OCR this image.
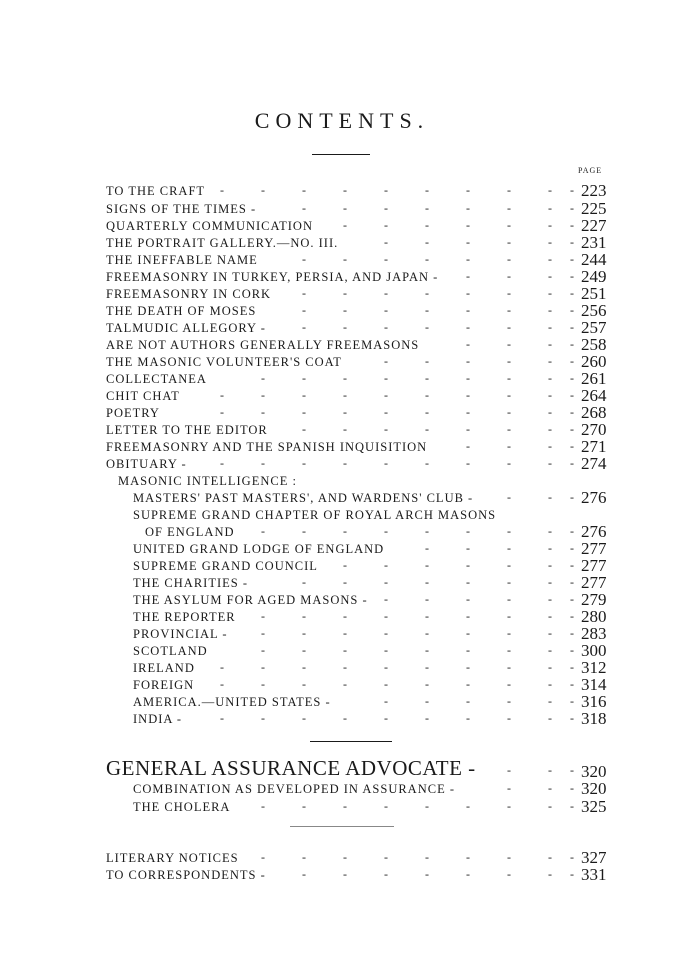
CONTENTS.
PAGE
TO THE CRAFT	223
-	-	-	-	-	-	-	-	- -
SIGNS OF THE TIMES -	225
-	-	-	-	-	-	- -
QUARTERLY COMMUNICATION	227
-	-	-	-	-	- -
THE PORTRAIT GALLERY.—NO. III.	231
-	-	-	-	- -
THE INEFFABLE NAME	244
-	-	-	-	-	-	- -
FREEMASONRY IN TURKEY, PERSIA, AND JAPAN -	249
-	-	- -
FREEMASONRY IN CORK	251
-	-	-	-	-	-	- -
THE DEATH OF MOSES	256
-	-	-	-	-	-	- -
TALMUDIC ALLEGORY -	257
-	-	-	-	-	-	- -
ARE NOT AUTHORS GENERALLY FREEMASONS	258
-	-	- -
THE MASONIC VOLUNTEER'S COAT	260
-	-	-	-	- -
COLLECTANEA	261
-	-	-	-	-	-	-	- -
CHIT CHAT	264
-	-	-	-	-	-	-	-	- -
POETRY	268
-	-	-	-	-	-	-	-	- -
LETTER TO THE EDITOR	270
-	-	-	-	-	-	- -
FREEMASONRY AND THE SPANISH INQUISITION	271
-	-	- -
OBITUARY -	274
-	-	-	-	-	-	-	-	- -
MASONIC INTELLIGENCE :
MASTERS' PAST MASTERS', AND WARDENS' CLUB -	276
-	- -
SUPREME GRAND CHAPTER OF ROYAL ARCH MASONS
OF ENGLAND	276
-	-	-	-	-	-	-	- -
UNITED GRAND LODGE OF ENGLAND	277
-	-	-	- -
SUPREME GRAND COUNCIL	277
-	-	-	-	-	- -
THE CHARITIES -	277
-	-	-	-	-	-	- -
THE ASYLUM FOR AGED MASONS -	279
-	-	-	-	- -
THE REPORTER	280
-	-	-	-	-	-	-	- -
PROVINCIAL -	283
-	-	-	-	-	-	-	- -
SCOTLAND	300
-	-	-	-	-	-	-	- -
IRELAND	312
-	-	-	-	-	-	-	-	- -
FOREIGN	314
-	-	-	-	-	-	-	-	- -
AMERICA.—UNITED STATES -	316
-	-	-	-	- -
INDIA -	318
-	-	-	-	-	-	-	-	- -
GENERAL ASSURANCE ADVOCATE -	320
-	- -
COMBINATION AS DEVELOPED IN ASSURANCE -	320
-	- -
THE CHOLERA	325
-	-	-	-	-	-	-	- -
LITERARY NOTICES	327
-	-	-	-	-	-	-	- -
TO CORRESPONDENTS -	331
-	-	-	-	-	-	- -
